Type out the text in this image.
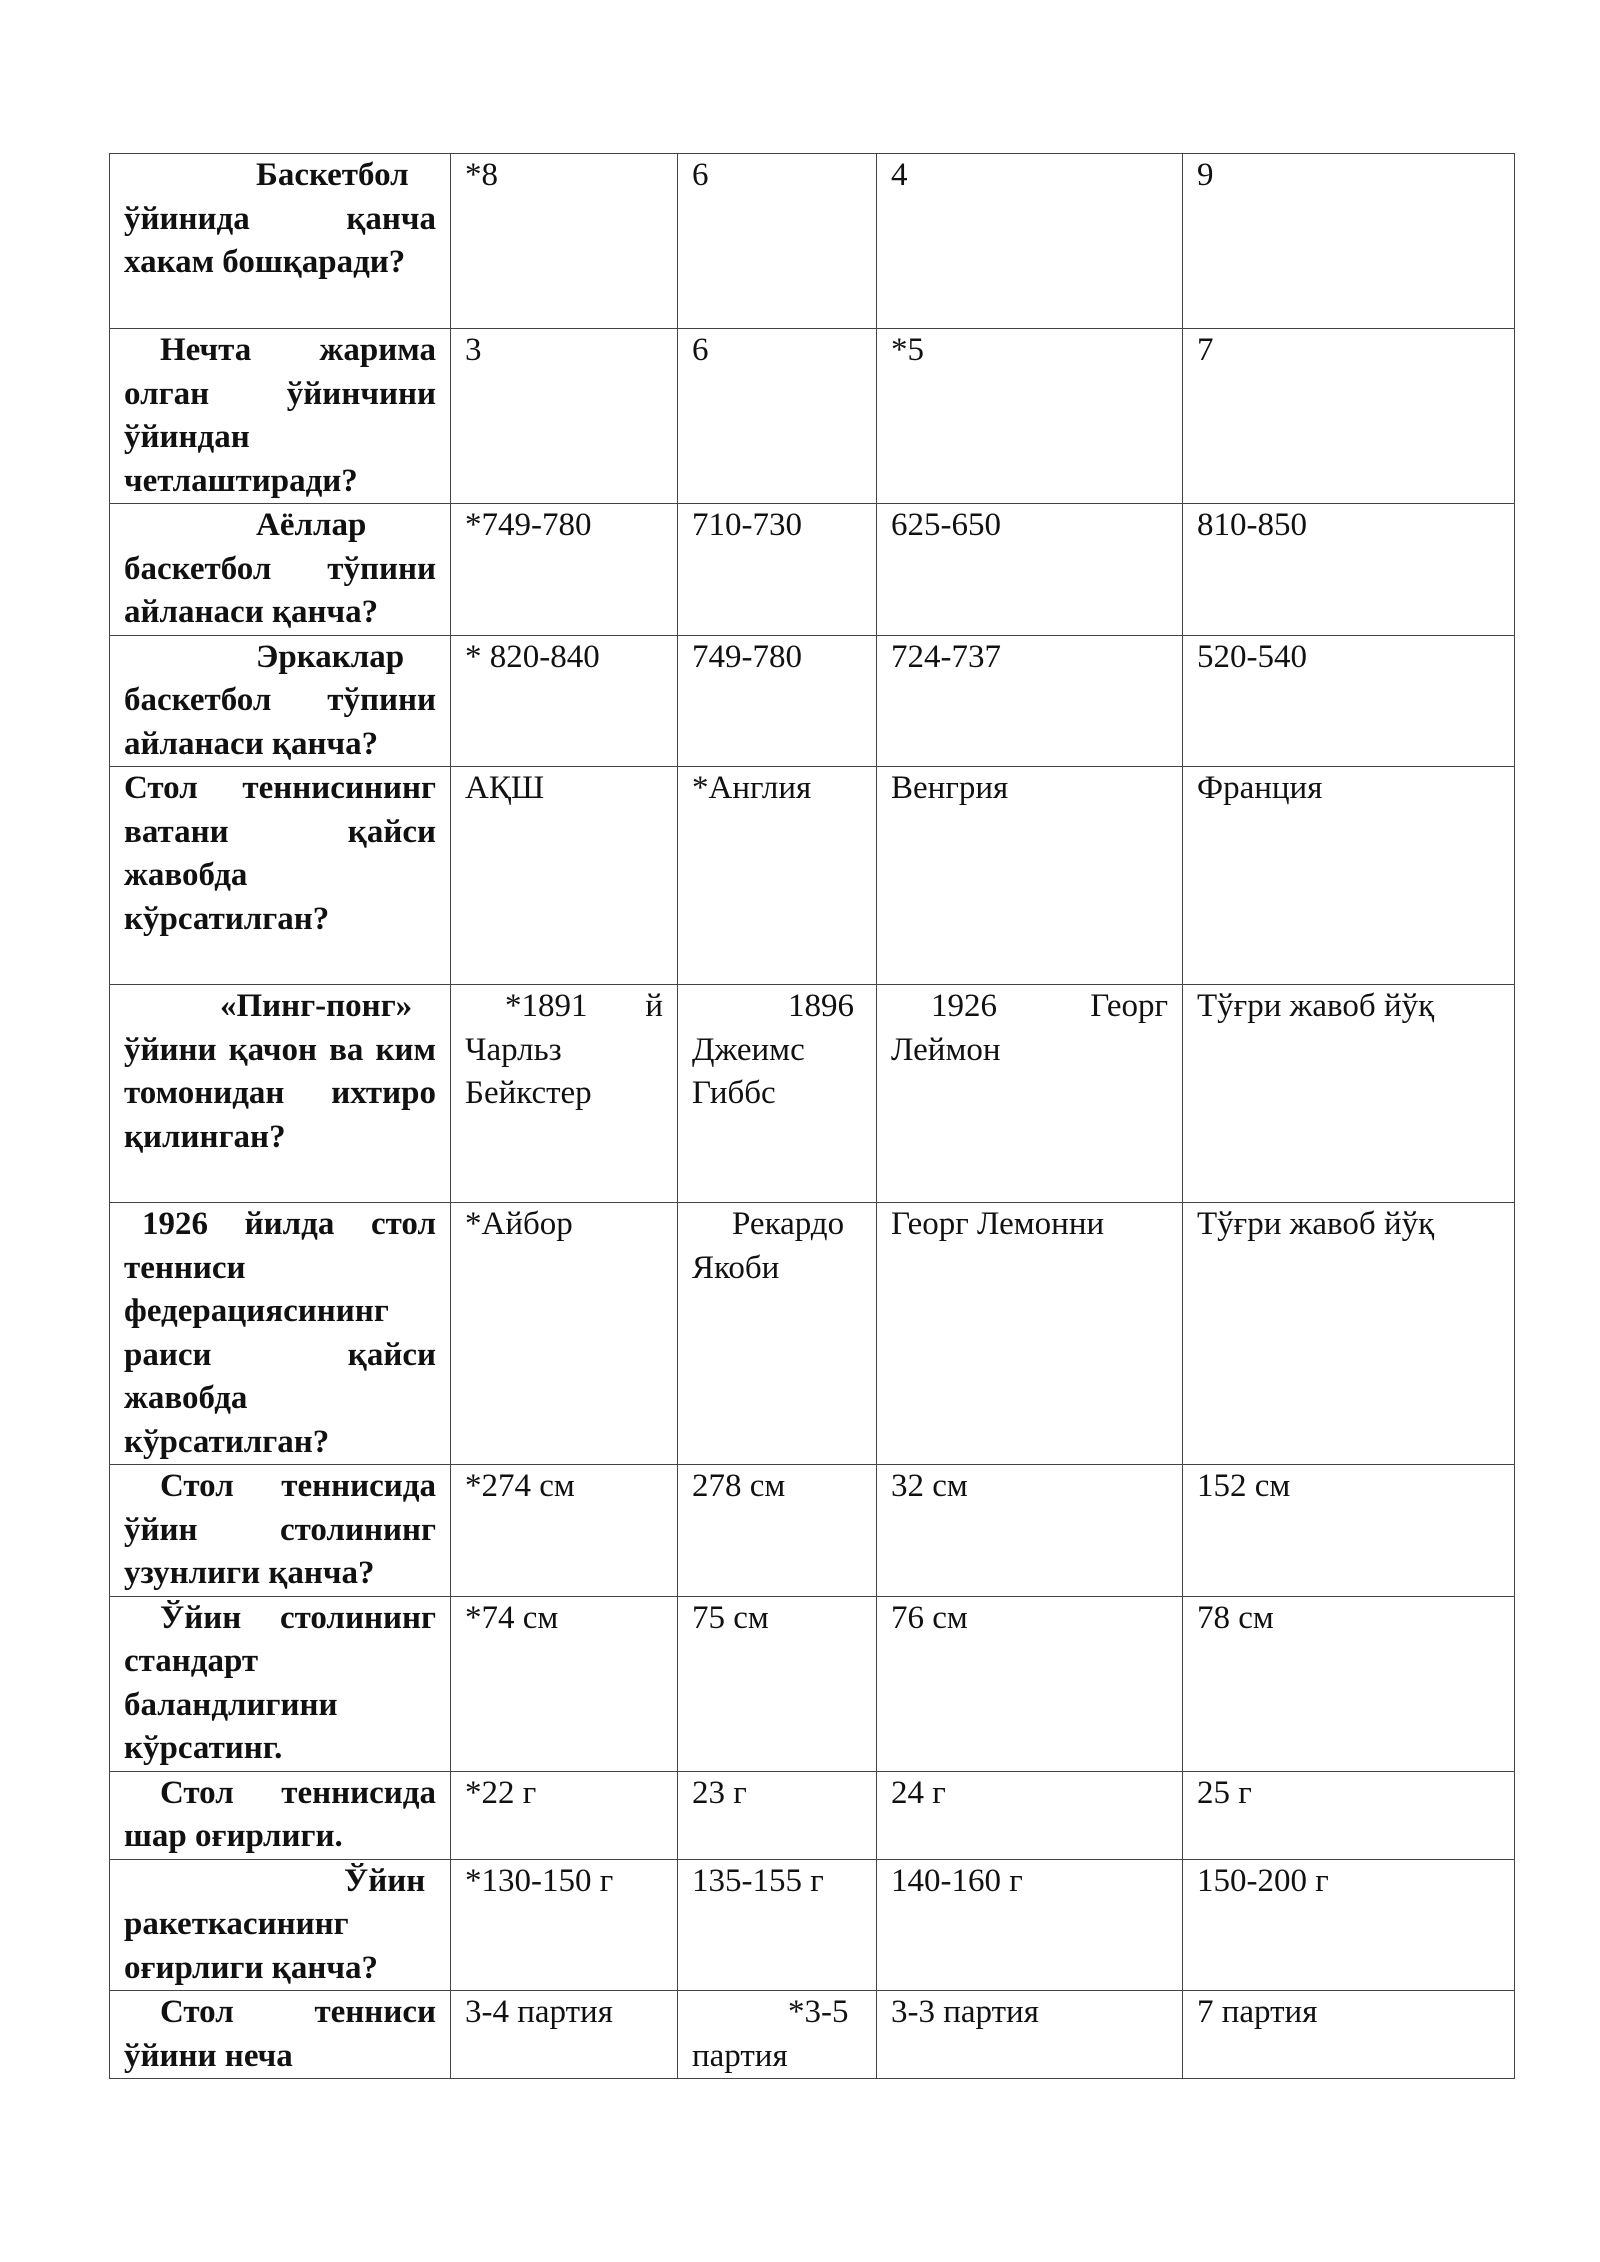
Баскетбол ўйинида қанча хакам бошқаради?	*8	6	4	9
Нечта жарима олган ўйинчини ўйиндан четлаштиради?	3	6	*5	7
Аёллар баскетбол тўпини айланаси қанча?	*749-780	710-730	625-650	810-850
Эркаклар баскетбол тўпини айланаси қанча?	* 820-840	749-780	724-737	520-540
Стол теннисининг ватани қайси жавобда кўрсатилган?	АҚШ	*Англия	Венгрия	Франция
«Пинг-понг» ўйини қачон ва ким томонидан ихтиро қилинган?	*1891 й Чарльз Бейкстер	1896 Джеимс Гиббс	1926 Георг Леймон	Тўғри жавоб йўқ
1926 йилда стол тенниси федерациясининг раиси қайси жавобда кўрсатилган?	*Айбор	Рекардо Якоби	Георг Лемонни	Тўғри жавоб йўқ
Стол теннисида ўйин столининг узунлиги қанча?	*274 см	278 см	32 см	152 см
Ўйин столининг стандарт баландлигини кўрсатинг.	*74 см	75 см	76 см	78 см
Стол теннисида шар оғирлиги.	*22 г	23 г	24 г	25 г
Ўйин ракеткасининг оғирлиги қанча?	*130-150 г	135-155 г	140-160 г	150-200 г
Стол тенниси ўйини неча	3-4 партия	*3-5 партия	3-3 партия	7 партия
